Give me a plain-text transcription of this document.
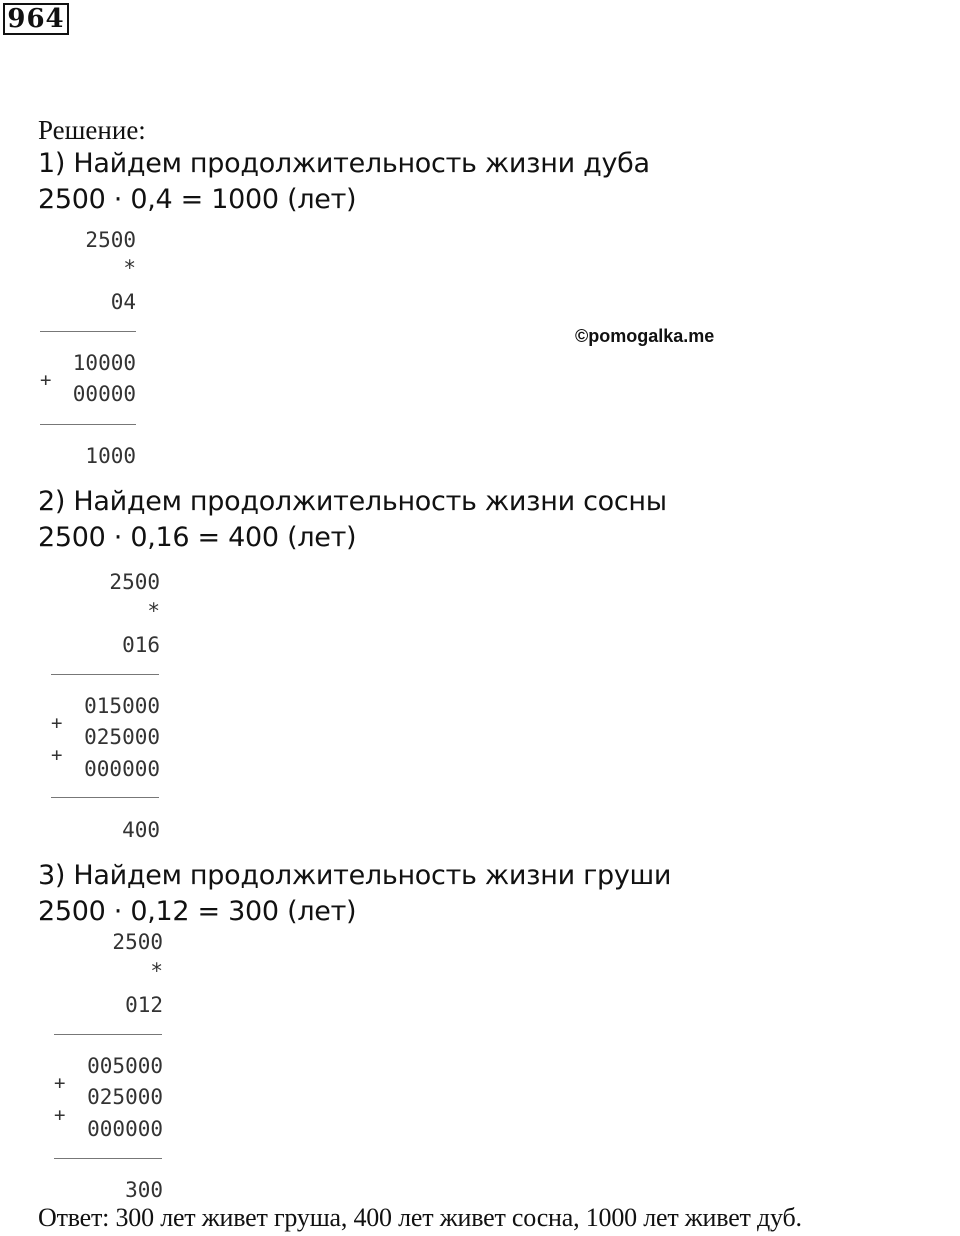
964
©pomogalka.me
Решение:
1) Найдем продолжительность жизни дуба
2500 · 0,4 = 1000 (лет)
2500
*
04
10000
+
00000
1000
2) Найдем продолжительность жизни сосны
2500 · 0,16 = 400 (лет)
2500
*
016
015000
+
025000
+
000000
400
3) Найдем продолжительность жизни груши
2500 · 0,12 = 300 (лет)
2500
*
012
005000
+
025000
+
000000
300
Ответ: 300 лет живет груша, 400 лет живет сосна, 1000 лет живет дуб.
